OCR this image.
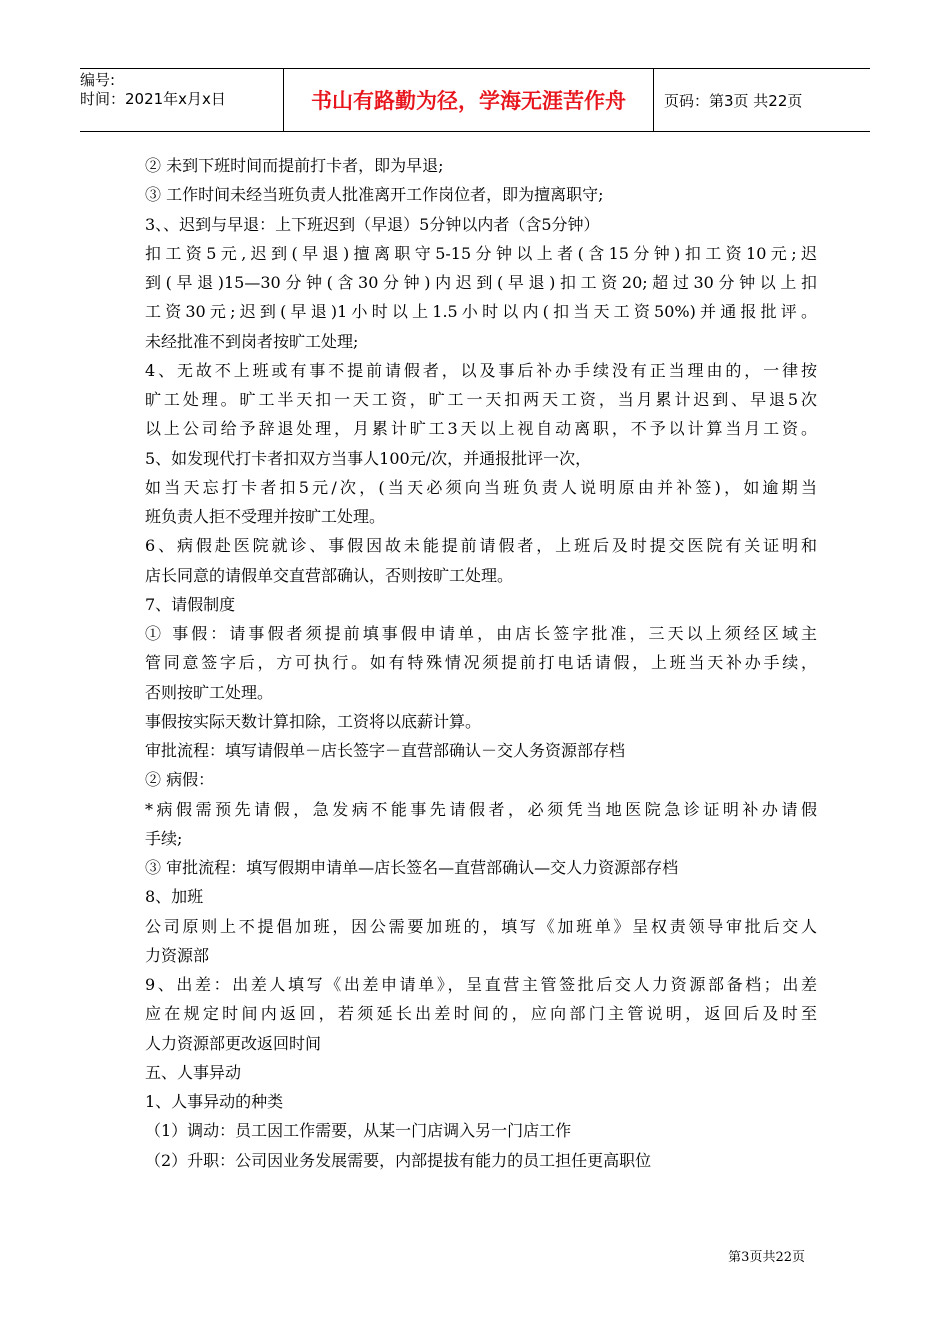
编号:
时间：2021年x月x日	书山有路勤为径，学海无涯苦作舟	页码：第3页 共22页
② 未到下班时间而提前打卡者，即为早退;
③ 工作时间未经当班负责人批准离开工作岗位者，即为擅离职守;
3、、迟到与早退：上下班迟到（早退）5分钟以内者（含5分钟）
扣工资5元,迟到(早退)擅离职守5-15分钟以上者(含15分钟)扣工资10元;迟
到(早退)15—30分钟(含30分钟)内迟到(早退)扣工资20;超过30分钟以上扣
工资30元;迟到(早退)1小时以上1.5小时以内(扣当天工资50%)并通报批评。
未经批准不到岗者按旷工处理;
4、无故不上班或有事不提前请假者，以及事后补办手续没有正当理由的，一律按
旷工处理。旷工半天扣一天工资，旷工一天扣两天工资，当月累计迟到、早退5次
以上公司给予辞退处理，月累计旷工3天以上视自动离职，不予以计算当月工资。
5、如发现代打卡者扣双方当事人100元/次，并通报批评一次，
如当天忘打卡者扣5元/次，(当天必须向当班负责人说明原由并补签)，如逾期当
班负责人拒不受理并按旷工处理。
6、病假赴医院就诊、事假因故未能提前请假者，上班后及时提交医院有关证明和
店长同意的请假单交直营部确认，否则按旷工处理。
7、请假制度
① 事假：请事假者须提前填事假申请单，由店长签字批准，三天以上须经区域主
管同意签字后，方可执行。如有特殊情况须提前打电话请假，上班当天补办手续，
否则按旷工处理。
事假按实际天数计算扣除，工资将以底薪计算。
审批流程：填写请假单－店长签字－直营部确认－交人务资源部存档
② 病假：
*病假需预先请假，急发病不能事先请假者，必须凭当地医院急诊证明补办请假
手续;
③ 审批流程：填写假期申请单—店长签名—直营部确认—交人力资源部存档
8、加班
公司原则上不提倡加班，因公需要加班的，填写《加班单》呈权责领导审批后交人
力资源部
9、出差：出差人填写《出差申请单》，呈直营主管签批后交人力资源部备档；出差
应在规定时间内返回，若须延长出差时间的，应向部门主管说明，返回后及时至
人力资源部更改返回时间
五、人事异动
1、人事异动的种类
（1）调动：员工因工作需要，从某一门店调入另一门店工作
（2）升职：公司因业务发展需要，内部提拔有能力的员工担任更高职位
第3页共22页
